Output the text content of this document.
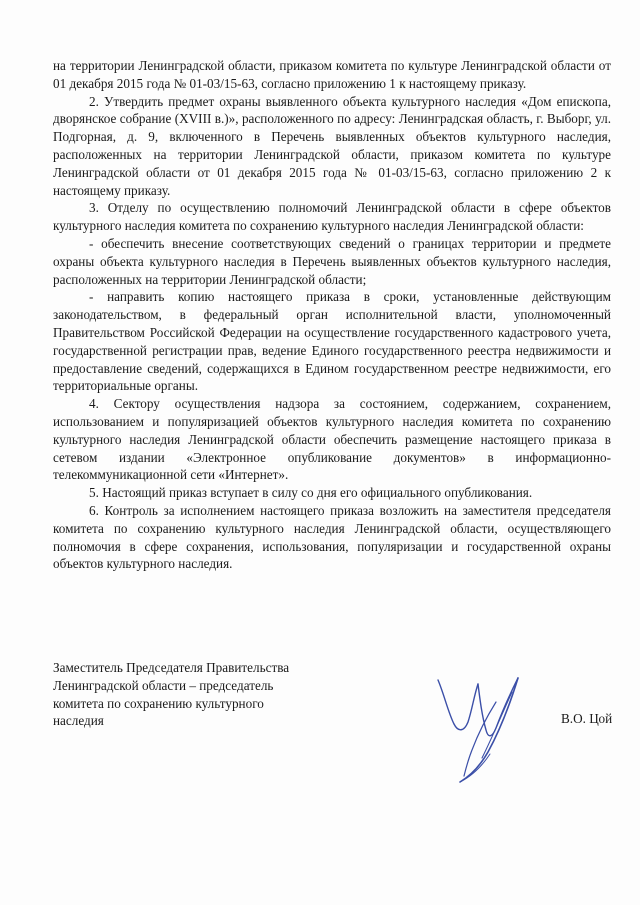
на территории Ленинградской области, приказом комитета по культуре Ленинградской области от 01 декабря 2015 года № 01-03/15-63, согласно приложению 1 к настоящему приказу.

2. Утвердить предмет охраны выявленного объекта культурного наследия «Дом епископа, дворянское собрание (XVIII в.)», расположенного по адресу: Ленинградская область, г. Выборг, ул. Подгорная, д. 9, включенного в Перечень выявленных объектов культурного наследия, расположенных на территории Ленинградской области, приказом комитета по культуре Ленинградской области от 01 декабря 2015 года № 01-03/15-63, согласно приложению 2 к настоящему приказу.

3. Отделу по осуществлению полномочий Ленинградской области в сфере объектов культурного наследия комитета по сохранению культурного наследия Ленинградской области:

- обеспечить внесение соответствующих сведений о границах территории и предмете охраны объекта культурного наследия в Перечень выявленных объектов культурного наследия, расположенных на территории Ленинградской области;

- направить копию настоящего приказа в сроки, установленные действующим законодательством, в федеральный орган исполнительной власти, уполномоченный Правительством Российской Федерации на осуществление государственного кадастрового учета, государственной регистрации прав, ведение Единого государственного реестра недвижимости и предоставление сведений, содержащихся в Едином государственном реестре недвижимости, его территориальные органы.

4. Сектору осуществления надзора за состоянием, содержанием, сохранением, использованием и популяризацией объектов культурного наследия комитета по сохранению культурного наследия Ленинградской области обеспечить размещение настоящего приказа в сетевом издании «Электронное опубликование документов» в информационно-телекоммуникационной сети «Интернет».

5. Настоящий приказ вступает в силу со дня его официального опубликования.

6. Контроль за исполнением настоящего приказа возложить на заместителя председателя комитета по сохранению культурного наследия Ленинградской области, осуществляющего полномочия в сфере сохранения, использования, популяризации и государственной охраны объектов культурного наследия.

Заместитель Председателя Правительства
Ленинградской области – председатель
комитета по сохранению культурного
наследия	В.О. Цой
